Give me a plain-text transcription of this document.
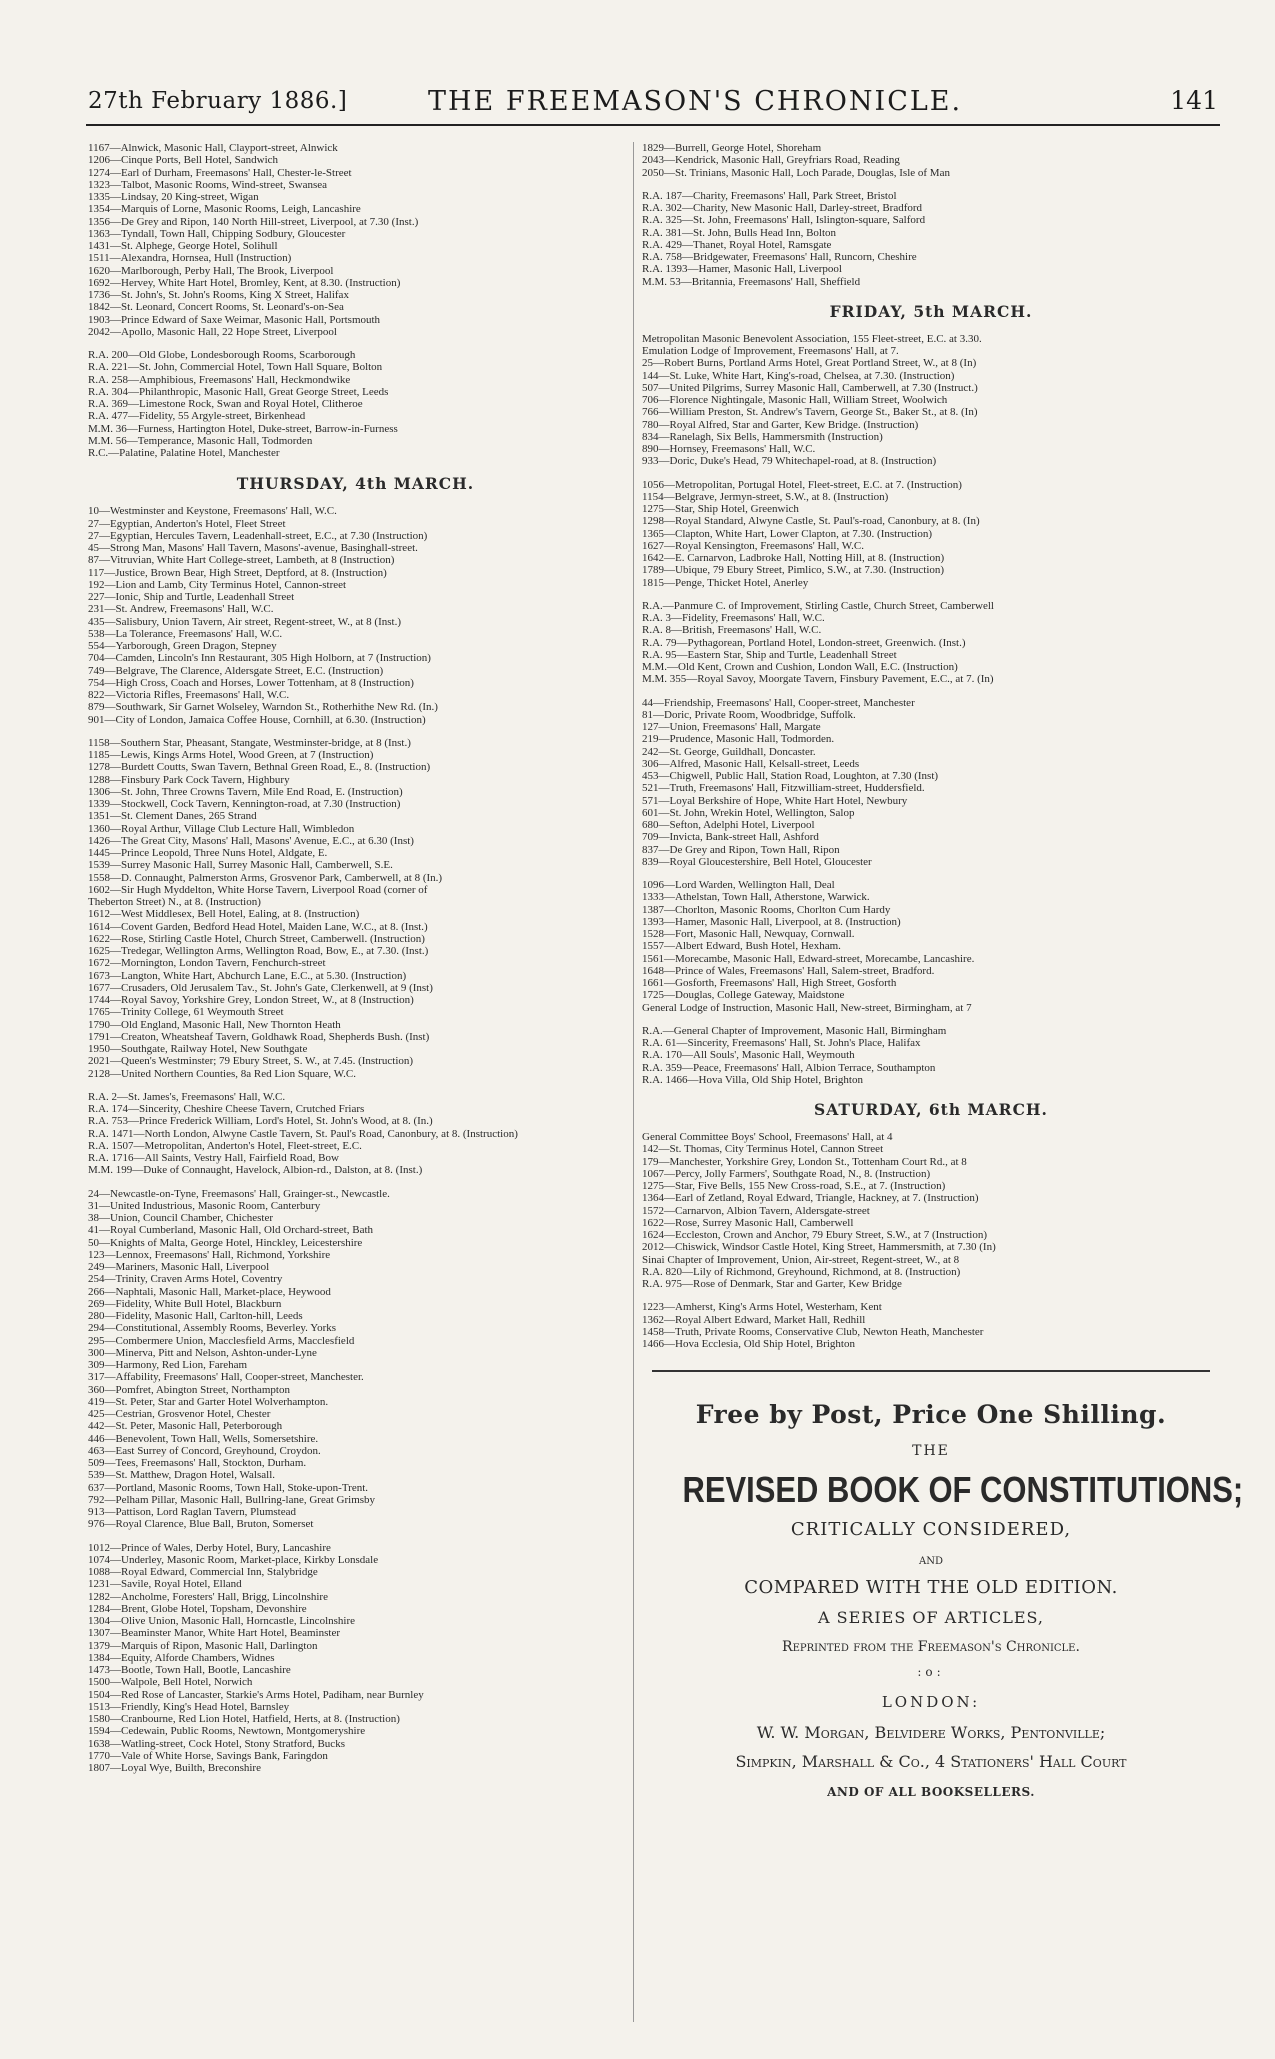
27th February 1886.]	THE FREEMASON'S CHRONICLE.	141
1167—Alnwick, Masonic Hall, Clayport-street, Alnwick
1206—Cinque Ports, Bell Hotel, Sandwich
1274—Earl of Durham, Freemasons' Hall, Chester-le-Street
1323—Talbot, Masonic Rooms, Wind-street, Swansea
1335—Lindsay, 20 King-street, Wigan
1354—Marquis of Lorne, Masonic Rooms, Leigh, Lancashire
1356—De Grey and Ripon, 140 North Hill-street, Liverpool, at 7.30 (Inst.)
1363—Tyndall, Town Hall, Chipping Sodbury, Gloucester
1431—St. Alphege, George Hotel, Solihull
1511—Alexandra, Hornsea, Hull (Instruction)
1620—Marlborough, Perby Hall, The Brook, Liverpool
1692—Hervey, White Hart Hotel, Bromley, Kent, at 8.30. (Instruction)
1736—St. John's, St. John's Rooms, King X Street, Halifax
1842—St. Leonard, Concert Rooms, St. Leonard's-on-Sea
1903—Prince Edward of Saxe Weimar, Masonic Hall, Portsmouth
2042—Apollo, Masonic Hall, 22 Hope Street, Liverpool
R.A. 200—Old Globe, Londesborough Rooms, Scarborough
R.A. 221—St. John, Commercial Hotel, Town Hall Square, Bolton
R.A. 258—Amphibious, Freemasons' Hall, Heckmondwike
R.A. 304—Philanthropic, Masonic Hall, Great George Street, Leeds
R.A. 369—Limestone Rock, Swan and Royal Hotel, Clitheroe
R.A. 477—Fidelity, 55 Argyle-street, Birkenhead
M.M. 36—Furness, Hartington Hotel, Duke-street, Barrow-in-Furness
M.M. 56—Temperance, Masonic Hall, Todmorden
R.C.—Palatine, Palatine Hotel, Manchester
THURSDAY, 4th MARCH.
10—Westminster and Keystone, Freemasons' Hall, W.C.
27—Egyptian, Anderton's Hotel, Fleet Street
27—Egyptian, Hercules Tavern, Leadenhall-street, E.C., at 7.30 (Instruction)
45—Strong Man, Masons' Hall Tavern, Masons'-avenue, Basinghall-street.
87—Vitruvian, White Hart College-street, Lambeth, at 8 (Instruction)
117—Justice, Brown Bear, High Street, Deptford, at 8. (Instruction)
192—Lion and Lamb, City Terminus Hotel, Cannon-street
227—Ionic, Ship and Turtle, Leadenhall Street
231—St. Andrew, Freemasons' Hall, W.C.
435—Salisbury, Union Tavern, Air street, Regent-street, W., at 8 (Inst.)
538—La Tolerance, Freemasons' Hall, W.C.
554—Yarborough, Green Dragon, Stepney
704—Camden, Lincoln's Inn Restaurant, 305 High Holborn, at 7 (Instruction)
749—Belgrave, The Clarence, Aldersgate Street, E.C. (Instruction)
754—High Cross, Coach and Horses, Lower Tottenham, at 8 (Instruction)
822—Victoria Rifles, Freemasons' Hall, W.C.
879—Southwark, Sir Garnet Wolseley, Warndon St., Rotherhithe New Rd. (In.)
901—City of London, Jamaica Coffee House, Cornhill, at 6.30. (Instruction)
1158—Southern Star, Pheasant, Stangate, Westminster-bridge, at 8 (Inst.)
1185—Lewis, Kings Arms Hotel, Wood Green, at 7 (Instruction)
1278—Burdett Coutts, Swan Tavern, Bethnal Green Road, E., 8. (Instruction)
1288—Finsbury Park Cock Tavern, Highbury
1306—St. John, Three Crowns Tavern, Mile End Road, E. (Instruction)
1339—Stockwell, Cock Tavern, Kennington-road, at 7.30 (Instruction)
1351—St. Clement Danes, 265 Strand
1360—Royal Arthur, Village Club Lecture Hall, Wimbledon
1426—The Great City, Masons' Hall, Masons' Avenue, E.C., at 6.30 (Inst)
1445—Prince Leopold, Three Nuns Hotel, Aldgate, E.
1539—Surrey Masonic Hall, Surrey Masonic Hall, Camberwell, S.E.
1558—D. Connaught, Palmerston Arms, Grosvenor Park, Camberwell, at 8 (In.)
1602—Sir Hugh Myddelton, White Horse Tavern, Liverpool Road (corner of
Theberton Street) N., at 8. (Instruction)
1612—West Middlesex, Bell Hotel, Ealing, at 8. (Instruction)
1614—Covent Garden, Bedford Head Hotel, Maiden Lane, W.C., at 8. (Inst.)
1622—Rose, Stirling Castle Hotel, Church Street, Camberwell. (Instruction)
1625—Tredegar, Wellington Arms, Wellington Road, Bow, E., at 7.30. (Inst.)
1672—Mornington, London Tavern, Fenchurch-street
1673—Langton, White Hart, Abchurch Lane, E.C., at 5.30. (Instruction)
1677—Crusaders, Old Jerusalem Tav., St. John's Gate, Clerkenwell, at 9 (Inst)
1744—Royal Savoy, Yorkshire Grey, London Street, W., at 8 (Instruction)
1765—Trinity College, 61 Weymouth Street
1790—Old England, Masonic Hall, New Thornton Heath
1791—Creaton, Wheatsheaf Tavern, Goldhawk Road, Shepherds Bush. (Inst)
1950—Southgate, Railway Hotel, New Southgate
2021—Queen's Westminster; 79 Ebury Street, S. W., at 7.45. (Instruction)
2128—United Northern Counties, 8a Red Lion Square, W.C.
R.A. 2—St. James's, Freemasons' Hall, W.C.
R.A. 174—Sincerity, Cheshire Cheese Tavern, Crutched Friars
R.A. 753—Prince Frederick William, Lord's Hotel, St. John's Wood, at 8. (In.)
R.A. 1471—North London, Alwyne Castle Tavern, St. Paul's Road, Canonbury, at 8. (Instruction)
R.A. 1507—Metropolitan, Anderton's Hotel, Fleet-street, E.C.
R.A. 1716—All Saints, Vestry Hall, Fairfield Road, Bow
M.M. 199—Duke of Connaught, Havelock, Albion-rd., Dalston, at 8. (Inst.)
24—Newcastle-on-Tyne, Freemasons' Hall, Grainger-st., Newcastle.
31—United Industrious, Masonic Room, Canterbury
38—Union, Council Chamber, Chichester
41—Royal Cumberland, Masonic Hall, Old Orchard-street, Bath
50—Knights of Malta, George Hotel, Hinckley, Leicestershire
123—Lennox, Freemasons' Hall, Richmond, Yorkshire
249—Mariners, Masonic Hall, Liverpool
254—Trinity, Craven Arms Hotel, Coventry
266—Naphtali, Masonic Hall, Market-place, Heywood
269—Fidelity, White Bull Hotel, Blackburn
280—Fidelity, Masonic Hall, Carlton-hill, Leeds
294—Constitutional, Assembly Rooms, Beverley. Yorks
295—Combermere Union, Macclesfield Arms, Macclesfield
300—Minerva, Pitt and Nelson, Ashton-under-Lyne
309—Harmony, Red Lion, Fareham
317—Affability, Freemasons' Hall, Cooper-street, Manchester.
360—Pomfret, Abington Street, Northampton
419—St. Peter, Star and Garter Hotel Wolverhampton.
425—Cestrian, Grosvenor Hotel, Chester
442—St. Peter, Masonic Hall, Peterborough
446—Benevolent, Town Hall, Wells, Somersetshire.
463—East Surrey of Concord, Greyhound, Croydon.
509—Tees, Freemasons' Hall, Stockton, Durham.
539—St. Matthew, Dragon Hotel, Walsall.
637—Portland, Masonic Rooms, Town Hall, Stoke-upon-Trent.
792—Pelham Pillar, Masonic Hall, Bullring-lane, Great Grimsby
913—Pattison, Lord Raglan Tavern, Plumstead
976—Royal Clarence, Blue Ball, Bruton, Somerset
1012—Prince of Wales, Derby Hotel, Bury, Lancashire
1074—Underley, Masonic Room, Market-place, Kirkby Lonsdale
1088—Royal Edward, Commercial Inn, Stalybridge
1231—Savile, Royal Hotel, Elland
1282—Ancholme, Foresters' Hall, Brigg, Lincolnshire
1284—Brent, Globe Hotel, Topsham, Devonshire
1304—Olive Union, Masonic Hall, Horncastle, Lincolnshire
1307—Beaminster Manor, White Hart Hotel, Beaminster
1379—Marquis of Ripon, Masonic Hall, Darlington
1384—Equity, Alforde Chambers, Widnes
1473—Bootle, Town Hall, Bootle, Lancashire
1500—Walpole, Bell Hotel, Norwich
1504—Red Rose of Lancaster, Starkie's Arms Hotel, Padiham, near Burnley
1513—Friendly, King's Head Hotel, Barnsley
1580—Cranbourne, Red Lion Hotel, Hatfield, Herts, at 8. (Instruction)
1594—Cedewain, Public Rooms, Newtown, Montgomeryshire
1638—Watling-street, Cock Hotel, Stony Stratford, Bucks
1770—Vale of White Horse, Savings Bank, Faringdon
1807—Loyal Wye, Builth, Breconshire
1829—Burrell, George Hotel, Shoreham
2043—Kendrick, Masonic Hall, Greyfriars Road, Reading
2050—St. Trinians, Masonic Hall, Loch Parade, Douglas, Isle of Man
R.A. 187—Charity, Freemasons' Hall, Park Street, Bristol
R.A. 302—Charity, New Masonic Hall, Darley-street, Bradford
R.A. 325—St. John, Freemasons' Hall, Islington-square, Salford
R.A. 381—St. John, Bulls Head Inn, Bolton
R.A. 429—Thanet, Royal Hotel, Ramsgate
R.A. 758—Bridgewater, Freemasons' Hall, Runcorn, Cheshire
R.A. 1393—Hamer, Masonic Hall, Liverpool
M.M. 53—Britannia, Freemasons' Hall, Sheffield
FRIDAY, 5th MARCH.
Metropolitan Masonic Benevolent Association, 155 Fleet-street, E.C. at 3.30.
Emulation Lodge of Improvement, Freemasons' Hall, at 7.
25—Robert Burns, Portland Arms Hotel, Great Portland Street, W., at 8 (In)
144—St. Luke, White Hart, King's-road, Chelsea, at 7.30. (Instruction)
507—United Pilgrims, Surrey Masonic Hall, Camberwell, at 7.30 (Instruct.)
706—Florence Nightingale, Masonic Hall, William Street, Woolwich
766—William Preston, St. Andrew's Tavern, George St., Baker St., at 8. (In)
780—Royal Alfred, Star and Garter, Kew Bridge. (Instruction)
834—Ranelagh, Six Bells, Hammersmith (Instruction)
890—Hornsey, Freemasons' Hall, W.C.
933—Doric, Duke's Head, 79 Whitechapel-road, at 8. (Instruction)
1056—Metropolitan, Portugal Hotel, Fleet-street, E.C. at 7. (Instruction)
1154—Belgrave, Jermyn-street, S.W., at 8. (Instruction)
1275—Star, Ship Hotel, Greenwich
1298—Royal Standard, Alwyne Castle, St. Paul's-road, Canonbury, at 8. (In)
1365—Clapton, White Hart, Lower Clapton, at 7.30. (Instruction)
1627—Royal Kensington, Freemasons' Hall, W.C.
1642—E. Carnarvon, Ladbroke Hall, Notting Hill, at 8. (Instruction)
1789—Ubique, 79 Ebury Street, Pimlico, S.W., at 7.30. (Instruction)
1815—Penge, Thicket Hotel, Anerley
R.A.—Panmure C. of Improvement, Stirling Castle, Church Street, Camberwell
R.A. 3—Fidelity, Freemasons' Hall, W.C.
R.A. 8—British, Freemasons' Hall, W.C.
R.A. 79—Pythagorean, Portland Hotel, London-street, Greenwich. (Inst.)
R.A. 95—Eastern Star, Ship and Turtle, Leadenhall Street
M.M.—Old Kent, Crown and Cushion, London Wall, E.C. (Instruction)
M.M. 355—Royal Savoy, Moorgate Tavern, Finsbury Pavement, E.C., at 7. (In)
44—Friendship, Freemasons' Hall, Cooper-street, Manchester
81—Doric, Private Room, Woodbridge, Suffolk.
127—Union, Freemasons' Hall, Margate
219—Prudence, Masonic Hall, Todmorden.
242—St. George, Guildhall, Doncaster.
306—Alfred, Masonic Hall, Kelsall-street, Leeds
453—Chigwell, Public Hall, Station Road, Loughton, at 7.30 (Inst)
521—Truth, Freemasons' Hall, Fitzwilliam-street, Huddersfield.
571—Loyal Berkshire of Hope, White Hart Hotel, Newbury
601—St. John, Wrekin Hotel, Wellington, Salop
680—Sefton, Adelphi Hotel, Liverpool
709—Invicta, Bank-street Hall, Ashford
837—De Grey and Ripon, Town Hall, Ripon
839—Royal Gloucestershire, Bell Hotel, Gloucester
1096—Lord Warden, Wellington Hall, Deal
1333—Athelstan, Town Hall, Atherstone, Warwick.
1387—Chorlton, Masonic Rooms, Chorlton Cum Hardy
1393—Hamer, Masonic Hall, Liverpool, at 8. (Instruction)
1528—Fort, Masonic Hall, Newquay, Cornwall.
1557—Albert Edward, Bush Hotel, Hexham.
1561—Morecambe, Masonic Hall, Edward-street, Morecambe, Lancashire.
1648—Prince of Wales, Freemasons' Hall, Salem-street, Bradford.
1661—Gosforth, Freemasons' Hall, High Street, Gosforth
1725—Douglas, College Gateway, Maidstone
General Lodge of Instruction, Masonic Hall, New-street, Birmingham, at 7
R.A.—General Chapter of Improvement, Masonic Hall, Birmingham
R.A. 61—Sincerity, Freemasons' Hall, St. John's Place, Halifax
R.A. 170—All Souls', Masonic Hall, Weymouth
R.A. 359—Peace, Freemasons' Hall, Albion Terrace, Southampton
R.A. 1466—Hova Villa, Old Ship Hotel, Brighton
SATURDAY, 6th MARCH.
General Committee Boys' School, Freemasons' Hall, at 4
142—St. Thomas, City Terminus Hotel, Cannon Street
179—Manchester, Yorkshire Grey, London St., Tottenham Court Rd., at 8
1067—Percy, Jolly Farmers', Southgate Road, N., 8. (Instruction)
1275—Star, Five Bells, 155 New Cross-road, S.E., at 7. (Instruction)
1364—Earl of Zetland, Royal Edward, Triangle, Hackney, at 7. (Instruction)
1572—Carnarvon, Albion Tavern, Aldersgate-street
1622—Rose, Surrey Masonic Hall, Camberwell
1624—Eccleston, Crown and Anchor, 79 Ebury Street, S.W., at 7 (Instruction)
2012—Chiswick, Windsor Castle Hotel, King Street, Hammersmith, at 7.30 (In)
Sinai Chapter of Improvement, Union, Air-street, Regent-street, W., at 8
R.A. 820—Lily of Richmond, Greyhound, Richmond, at 8. (Instruction)
R.A. 975—Rose of Denmark, Star and Garter, Kew Bridge
1223—Amherst, King's Arms Hotel, Westerham, Kent
1362—Royal Albert Edward, Market Hall, Redhill
1458—Truth, Private Rooms, Conservative Club, Newton Heath, Manchester
1466—Hova Ecclesia, Old Ship Hotel, Brighton
Free by Post, Price One Shilling.
THE
REVISED BOOK OF CONSTITUTIONS;
CRITICALLY CONSIDERED,
AND
COMPARED WITH THE OLD EDITION.
A SERIES OF ARTICLES,
Reprinted from the Freemason's Chronicle.
:o:
LONDON:
W. W. Morgan, Belvidere Works, Pentonville;
Simpkin, Marshall & Co., 4 Stationers' Hall Court
AND OF ALL BOOKSELLERS.
